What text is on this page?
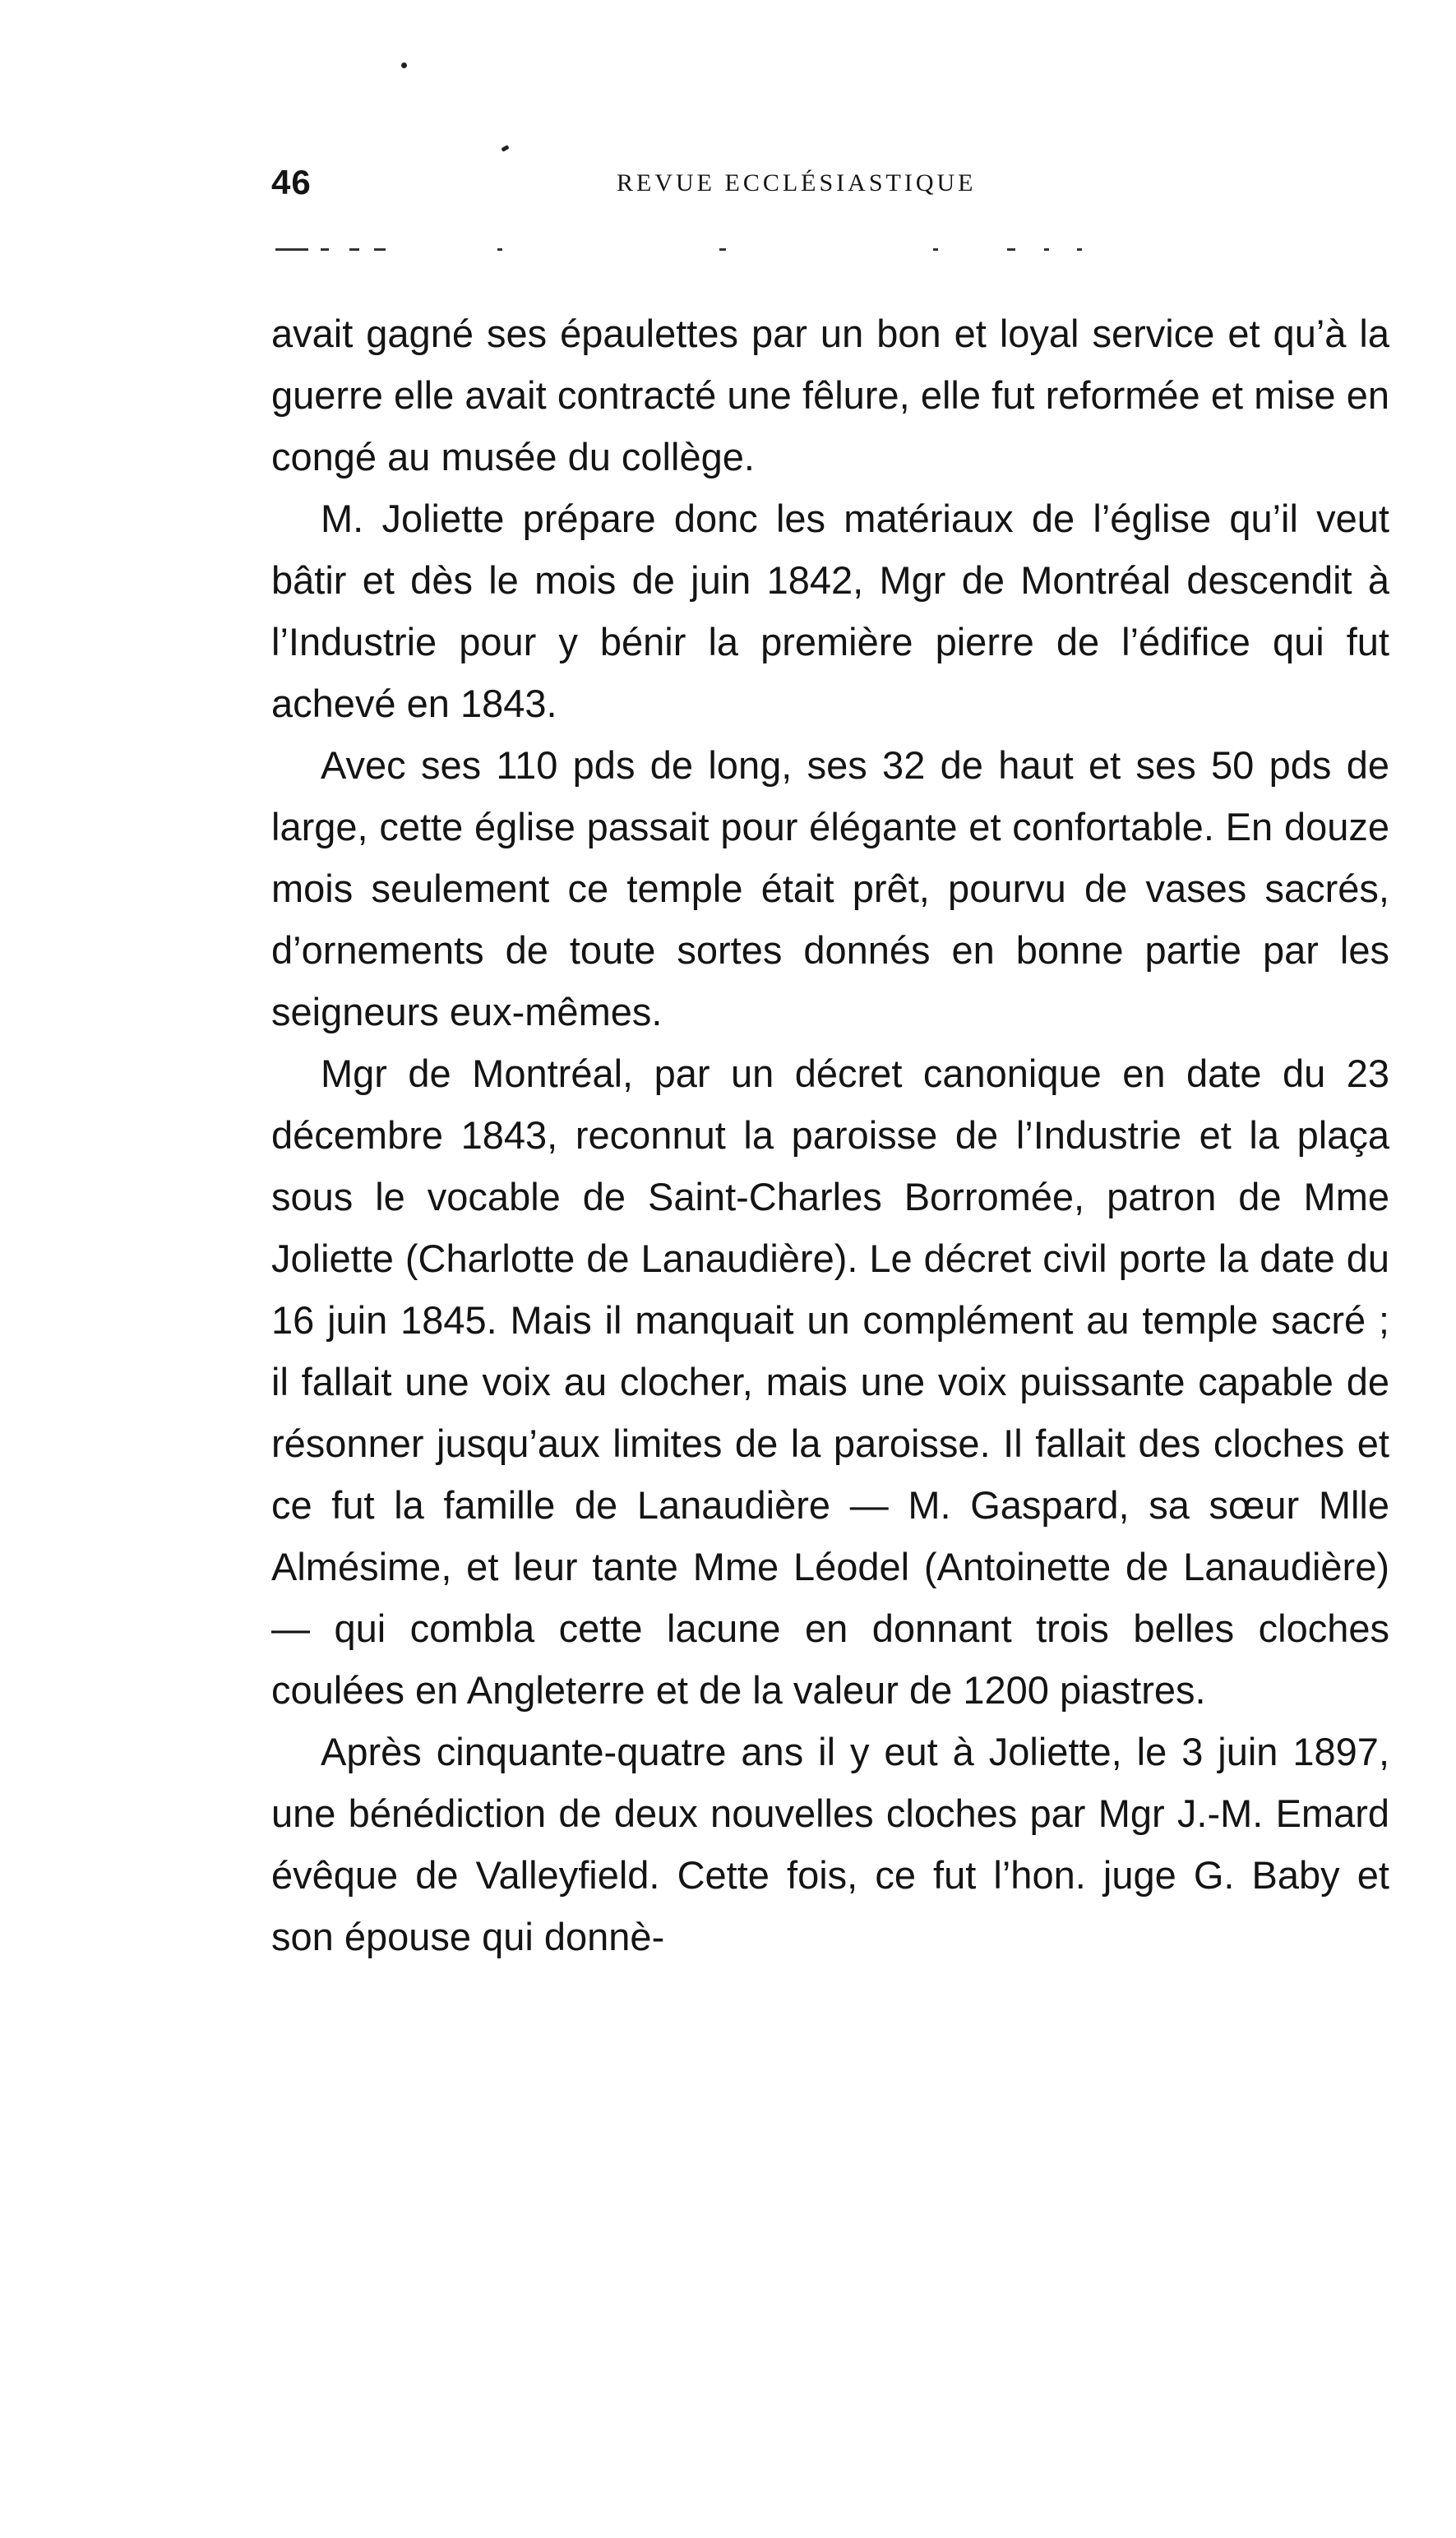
46	REVUE ECCLÉSIASTIQUE

avait gagné ses épaulettes par un bon et loyal service et qu’à la guerre elle avait contracté une fêlure, elle fut reformée et mise en congé au musée du collège.

M. Joliette prépare donc les matériaux de l’église qu’il veut bâtir et dès le mois de juin 1842, Mgr de Montréal descendit à l’Industrie pour y bénir la première pierre de l’édifice qui fut achevé en 1843.

Avec ses 110 pds de long, ses 32 de haut et ses 50 pds de large, cette église passait pour élégante et confortable. En douze mois seulement ce temple était prêt, pourvu de vases sacrés, d’ornements de toute sortes donnés en bonne partie par les seigneurs eux-mêmes.

Mgr de Montréal, par un décret canonique en date du 23 décembre 1843, reconnut la paroisse de l’Industrie et la plaça sous le vocable de Saint-Charles Borromée, patron de Mme Joliette (Charlotte de Lanaudière). Le décret civil porte la date du 16 juin 1845. Mais il manquait un complément au temple sacré ; il fallait une voix au clocher, mais une voix puissante capable de résonner jusqu’aux limites de la paroisse. Il fallait des cloches et ce fut la famille de Lanaudière — M. Gaspard, sa sœur Mlle Almésime, et leur tante Mme Léodel (Antoinette de Lanaudière) — qui combla cette lacune en donnant trois belles cloches coulées en Angleterre et de la valeur de 1200 piastres.

Après cinquante-quatre ans il y eut à Joliette, le 3 juin 1897, une bénédiction de deux nouvelles cloches par Mgr J.-M. Emard évêque de Valleyfield. Cette fois, ce fut l’hon. juge G. Baby et son épouse qui donnè-
